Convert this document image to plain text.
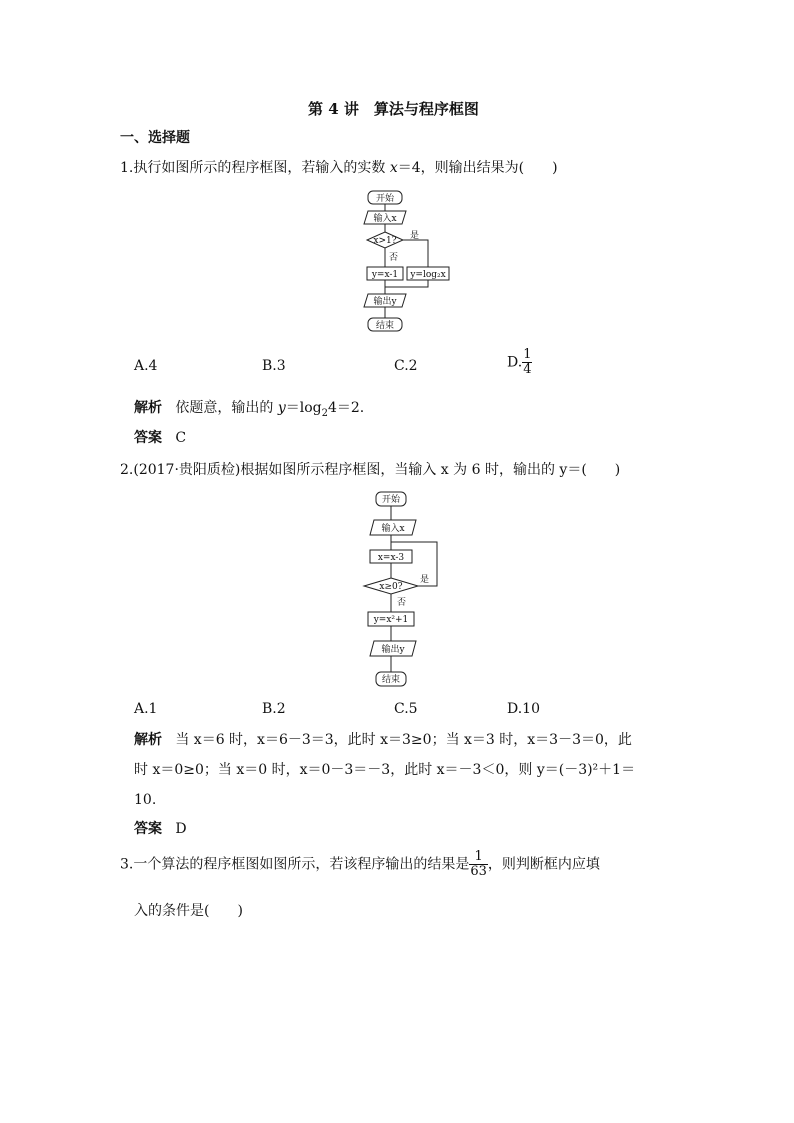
第 4 讲　算法与程序框图
一、选择题
1.执行如图所示的程序框图，若输入的实数 x＝4，则输出结果为(　　)
开始
输入x
x>1? 是
否
y=x-1 y=log₂x
输出y
结束
A.4	B.3	C.2	D. $\frac{1}{4}$
解析 依题意，输出的 $y=\log_24=2$.
答案 C
2.(2017·贵阳质检)根据如图所示程序框图，当输入 x 为 6 时，输出的 y＝(　　)
开始
输入x
x=x-3
x≥0?
是
否
y=x²+1
输出y
结束
A.1	B.2	C.5	D.10
解析 当 x＝6 时，x＝6－3＝3，此时 x＝3≥0；当 x＝3 时，x＝3－3＝0，此
时 x＝0≥0；当 x＝0 时，x＝0－3＝－3，此时 x＝－3＜0，则 y＝(－3)²＋1＝
10.
答案 D
3.一个算法的程序框图如图所示，若该程序输出的结果是 $\frac{1}{63}$ ，则判断框内应填
入的条件是(　　)
